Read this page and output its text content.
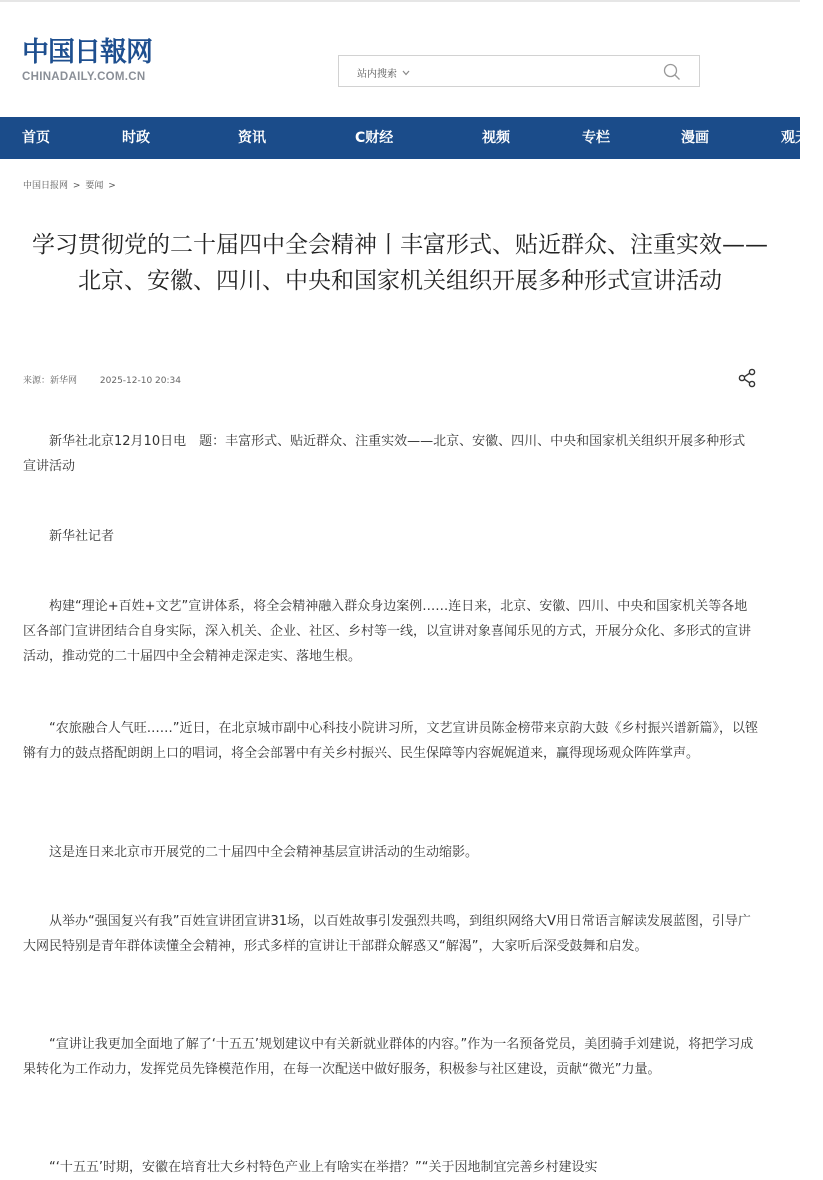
中国日報网
CHINADAILY.COM.CN	站内搜索
首页	时政	资讯	C财经	视频	专栏	漫画	观天下
中国日报网 > 要闻 >
学习贯彻党的二十届四中全会精神丨丰富形式、贴近群众、注重实效——北京、安徽、四川、中央和国家机关组织开展多种形式宣讲活动
来源：新华网	2025-12-10 20:34

新华社北京12月10日电　题：丰富形式、贴近群众、注重实效——北京、安徽、四川、中央和国家机关组织开展多种形式宣讲活动

新华社记者

构建“理论+百姓+文艺”宣讲体系，将全会精神融入群众身边案例……连日来，北京、安徽、四川、中央和国家机关等各地区各部门宣讲团结合自身实际，深入机关、企业、社区、乡村等一线，以宣讲对象喜闻乐见的方式，开展分众化、多形式的宣讲活动，推动党的二十届四中全会精神走深走实、落地生根。

“农旅融合人气旺……”近日，在北京城市副中心科技小院讲习所，文艺宣讲员陈金榜带来京韵大鼓《乡村振兴谱新篇》，以铿锵有力的鼓点搭配朗朗上口的唱词，将全会部署中有关乡村振兴、民生保障等内容娓娓道来，赢得现场观众阵阵掌声。

这是连日来北京市开展党的二十届四中全会精神基层宣讲活动的生动缩影。

从举办“强国复兴有我”百姓宣讲团宣讲31场，以百姓故事引发强烈共鸣，到组织网络大V用日常语言解读发展蓝图，引导广大网民特别是青年群体读懂全会精神，形式多样的宣讲让干部群众解惑又“解渴”，大家听后深受鼓舞和启发。

“宣讲让我更加全面地了解了‘十五五’规划建议中有关新就业群体的内容。”作为一名预备党员，美团骑手刘建说，将把学习成果转化为工作动力，发挥党员先锋模范作用，在每一次配送中做好服务，积极参与社区建设，贡献“微光”力量。

“‘十五五’时期，安徽在培育壮大乡村特色产业上有啥实在举措？”“关于因地制宜完善乡村建设实
